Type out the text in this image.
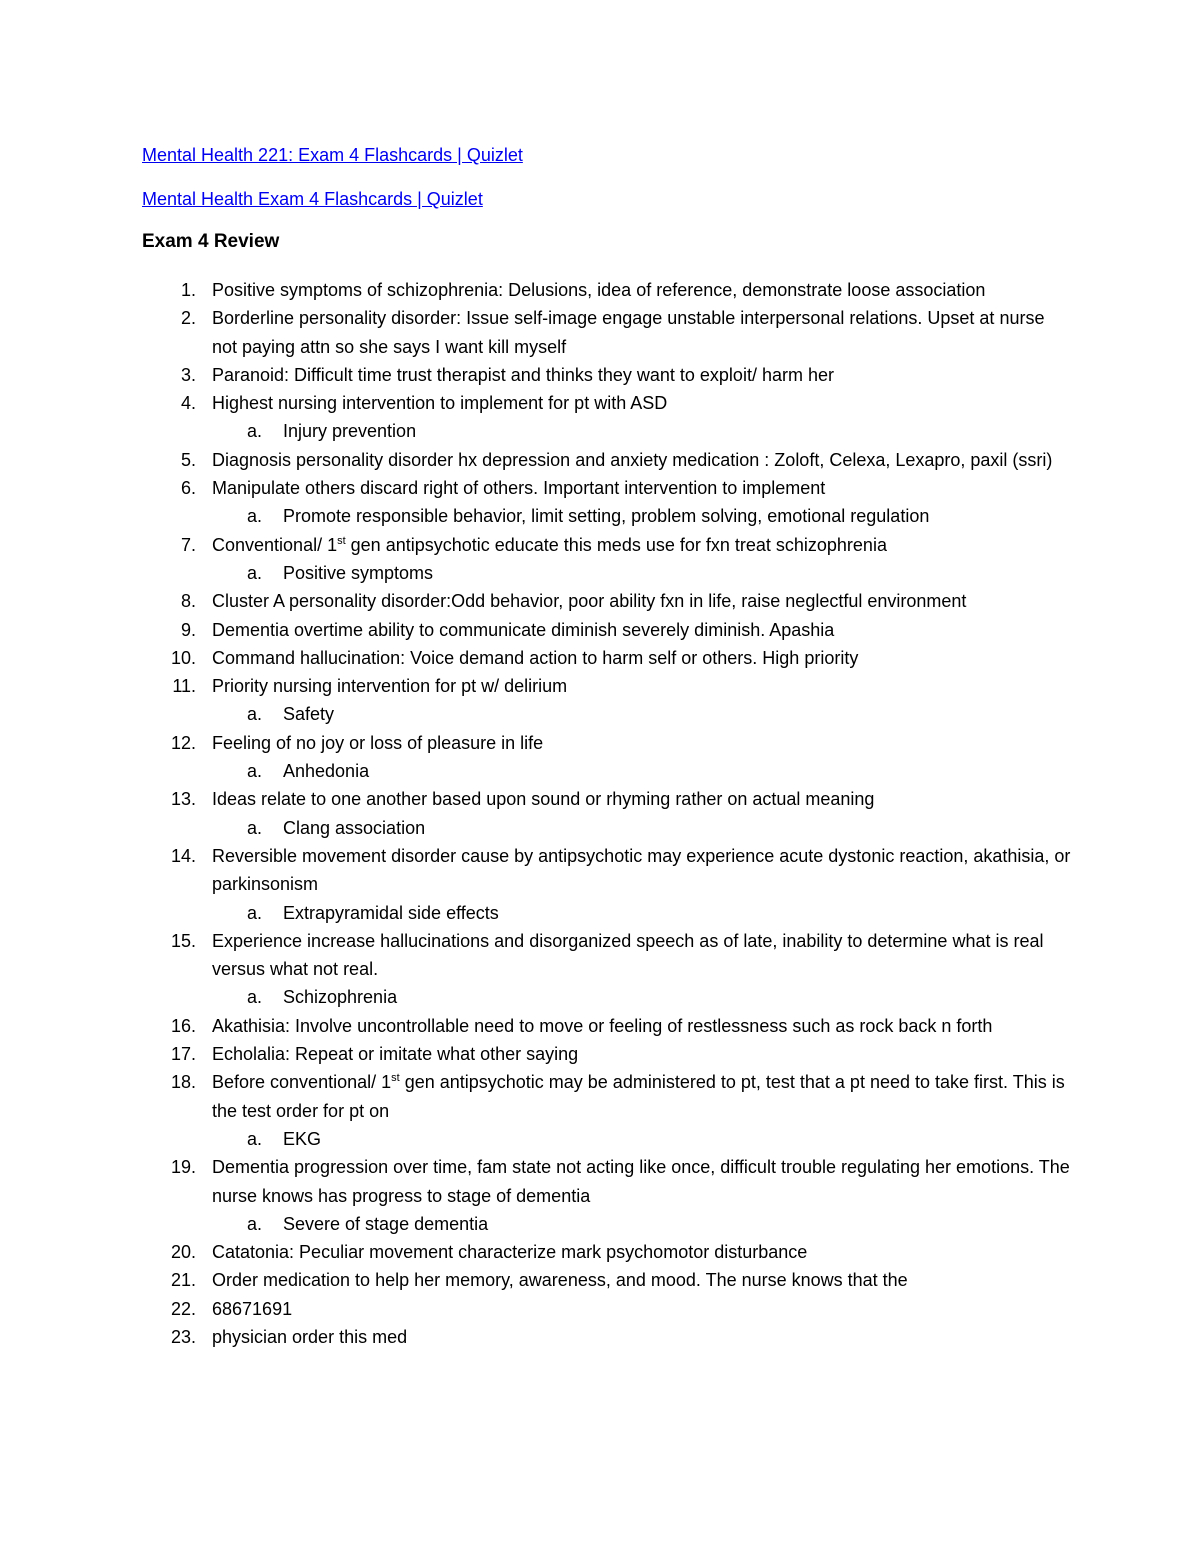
Mental Health 221: Exam 4 Flashcards | Quizlet
Mental Health Exam 4 Flashcards | Quizlet
Exam 4 Review
1. Positive symptoms of schizophrenia: Delusions, idea of reference, demonstrate loose association
2. Borderline personality disorder: Issue self-image engage unstable interpersonal relations. Upset at nurse not paying attn so she says I want kill myself
3. Paranoid: Difficult time trust therapist and thinks they want to exploit/ harm her
4. Highest nursing intervention to implement for pt with ASD
a. Injury prevention
5. Diagnosis personality disorder hx depression and anxiety medication : Zoloft, Celexa, Lexapro, paxil (ssri)
6. Manipulate others discard right of others. Important intervention to implement
a. Promote responsible behavior, limit setting, problem solving, emotional regulation
7. Conventional/ 1st gen antipsychotic educate this meds use for fxn treat schizophrenia
a. Positive symptoms
8. Cluster A personality disorder:Odd behavior, poor ability fxn in life, raise neglectful environment
9. Dementia overtime ability to communicate diminish severely diminish. Apashia
10. Command hallucination: Voice demand action to harm self or others. High priority
11. Priority nursing intervention for pt w/ delirium
a. Safety
12. Feeling of no joy or loss of pleasure in life
a. Anhedonia
13. Ideas relate to one another based upon sound or rhyming rather on actual meaning
a. Clang association
14. Reversible movement disorder cause by antipsychotic may experience acute dystonic reaction, akathisia, or parkinsonism
a. Extrapyramidal side effects
15. Experience increase hallucinations and disorganized speech as of late, inability to determine what is real versus what not real.
a. Schizophrenia
16. Akathisia: Involve uncontrollable need to move or feeling of restlessness such as rock back n forth
17. Echolalia: Repeat or imitate what other saying
18. Before conventional/ 1st gen antipsychotic may be administered to pt, test that a pt need to take first. This is the test order for pt on
a. EKG
19. Dementia progression over time, fam state not acting like once, difficult trouble regulating her emotions. The nurse knows has progress to stage of dementia
a. Severe of stage dementia
20. Catatonia: Peculiar movement characterize mark psychomotor disturbance
21. Order medication to help her memory, awareness, and mood. The nurse knows that the
22. 68671691
23. physician order this med
